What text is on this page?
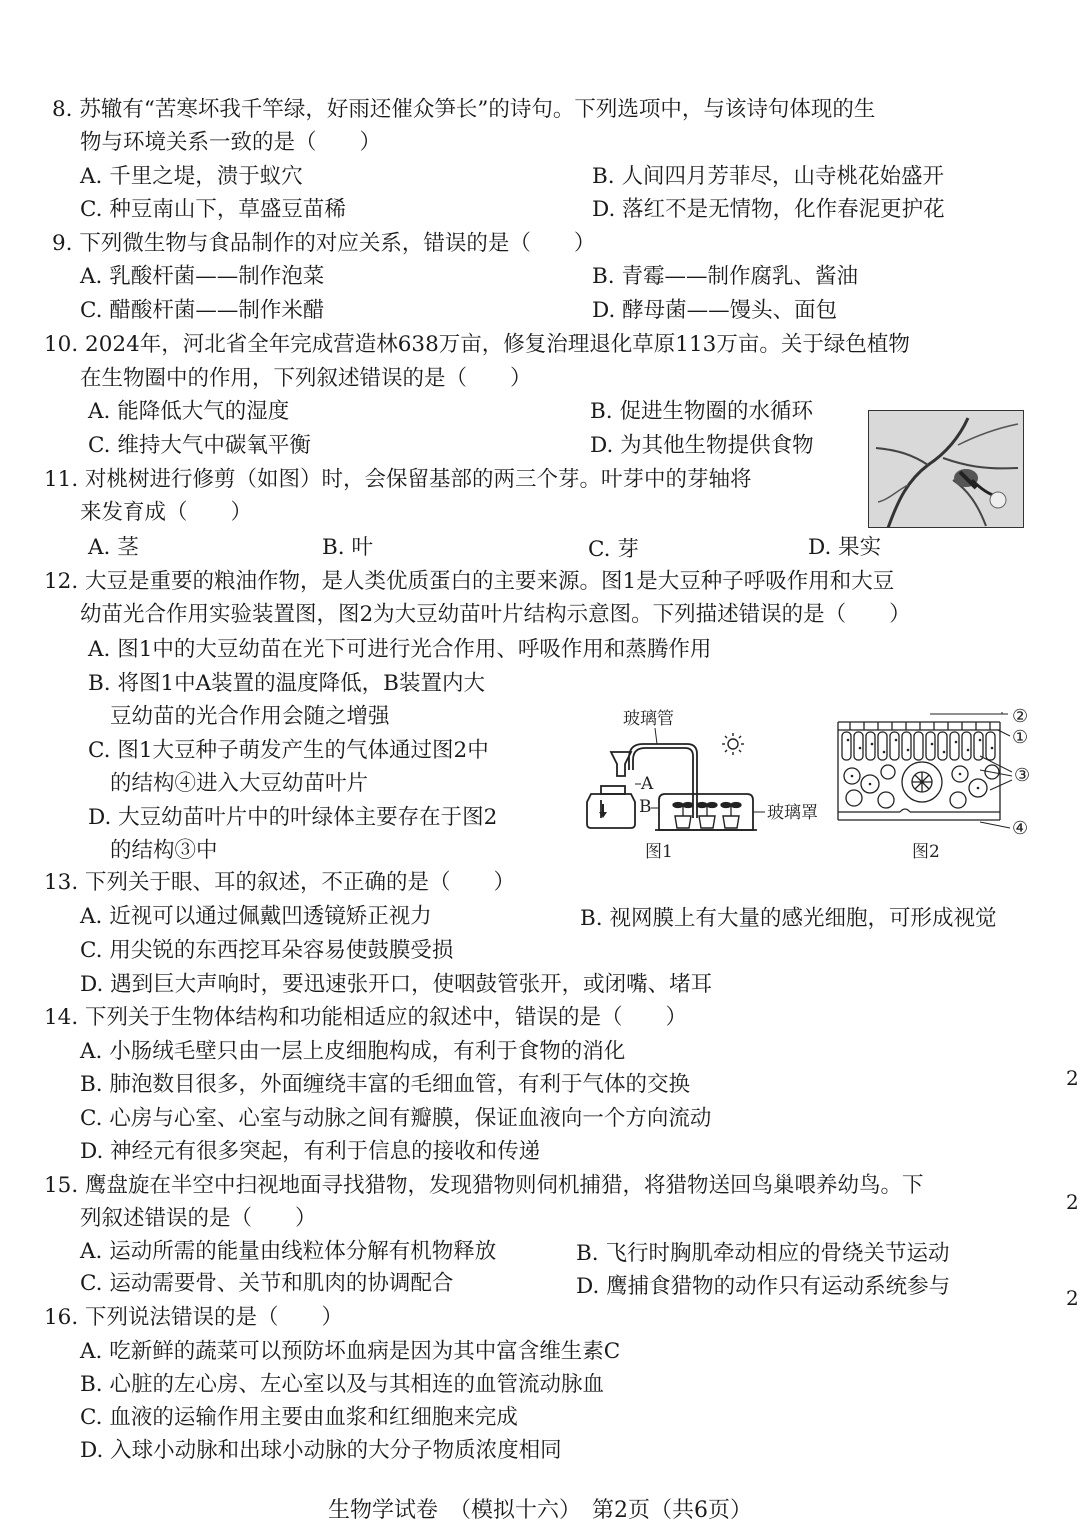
8. 苏辙有“苦寒坏我千竿绿，好雨还催众笋长”的诗句。下列选项中，与该诗句体现的生
物与环境关系一致的是（　　）
A. 千里之堤，溃于蚁穴	B. 人间四月芳菲尽，山寺桃花始盛开
C. 种豆南山下，草盛豆苗稀	D. 落红不是无情物，化作春泥更护花
9. 下列微生物与食品制作的对应关系，错误的是（　　）
A. 乳酸杆菌——制作泡菜	B. 青霉——制作腐乳、酱油
C. 醋酸杆菌——制作米醋	D. 酵母菌——馒头、面包
10. 2024年，河北省全年完成营造林638万亩，修复治理退化草原113万亩。关于绿色植物
在生物圈中的作用，下列叙述错误的是（　　）
A. 能降低大气的湿度	B. 促进生物圈的水循环
C. 维持大气中碳氧平衡	D. 为其他生物提供食物
11. 对桃树进行修剪（如图）时，会保留基部的两三个芽。叶芽中的芽轴将
来发育成（　　）
A. 茎	B. 叶	C. 芽	D. 果实
12. 大豆是重要的粮油作物，是人类优质蛋白的主要来源。图1是大豆种子呼吸作用和大豆
幼苗光合作用实验装置图，图2为大豆幼苗叶片结构示意图。下列描述错误的是（　　）
A. 图1中的大豆幼苗在光下可进行光合作用、呼吸作用和蒸腾作用
B. 将图1中A装置的温度降低，B装置内大
豆幼苗的光合作用会随之增强
C. 图1大豆种子萌发产生的气体通过图2中
的结构④进入大豆幼苗叶片
D. 大豆幼苗叶片中的叶绿体主要存在于图2
的结构③中
玻璃管
A
B	玻璃罩
图1
②
①
③
④
图2
13. 下列关于眼、耳的叙述，不正确的是（　　）
A. 近视可以通过佩戴凹透镜矫正视力	B. 视网膜上有大量的感光细胞，可形成视觉
C. 用尖锐的东西挖耳朵容易使鼓膜受损
D. 遇到巨大声响时，要迅速张开口，使咽鼓管张开，或闭嘴、堵耳
14. 下列关于生物体结构和功能相适应的叙述中，错误的是（　　）
A. 小肠绒毛壁只由一层上皮细胞构成，有利于食物的消化
B. 肺泡数目很多，外面缠绕丰富的毛细血管，有利于气体的交换
C. 心房与心室、心室与动脉之间有瓣膜，保证血液向一个方向流动
D. 神经元有很多突起，有利于信息的接收和传递
15. 鹰盘旋在半空中扫视地面寻找猎物，发现猎物则伺机捕猎，将猎物送回鸟巢喂养幼鸟。下
列叙述错误的是（　　）
A. 运动所需的能量由线粒体分解有机物释放	B. 飞行时胸肌牵动相应的骨绕关节运动
C. 运动需要骨、关节和肌肉的协调配合	D. 鹰捕食猎物的动作只有运动系统参与
16. 下列说法错误的是（　　）
A. 吃新鲜的蔬菜可以预防坏血病是因为其中富含维生素C
B. 心脏的左心房、左心室以及与其相连的血管流动脉血
C. 血液的运输作用主要由血浆和红细胞来完成
D. 入球小动脉和出球小动脉的大分子物质浓度相同
2
2
2
生物学试卷　（模拟十六）　第2页（共6页）
